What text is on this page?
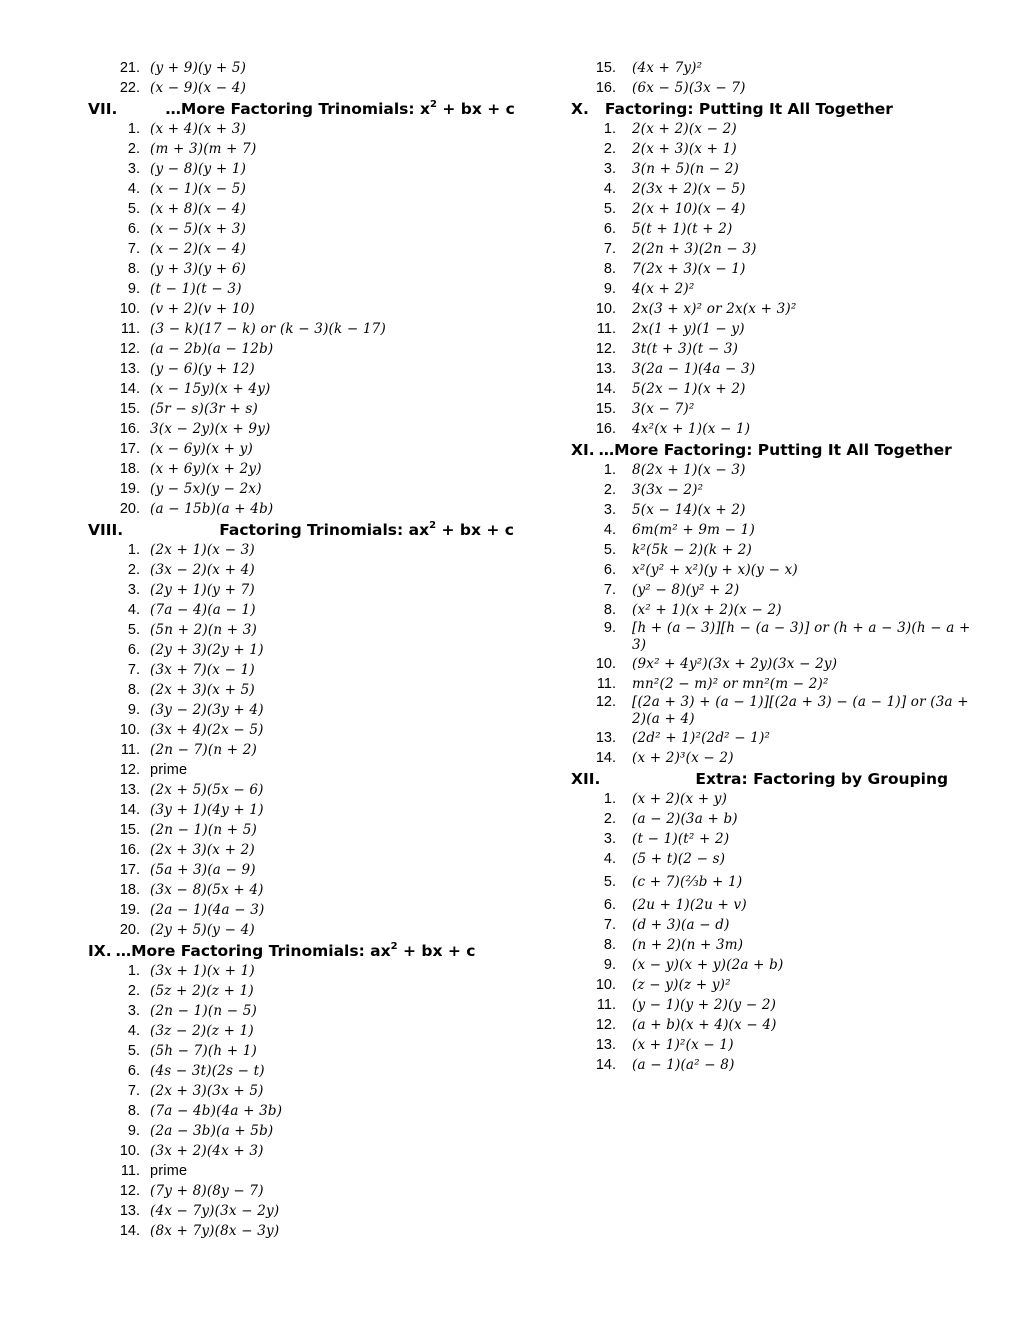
21. (y + 9)(y + 5)
22. (x − 9)(x − 4)
VII.	…More Factoring Trinomials: $x^2$ + bx + c
1. (x + 4)(x + 3)
2. (m + 3)(m + 7)
3. (y − 8)(y + 1)
4. (x − 1)(x − 5)
5. (x + 8)(x − 4)
6. (x − 5)(x + 3)
7. (x − 2)(x − 4)
8. (y + 3)(y + 6)
9. (t − 1)(t − 3)
10. (v + 2)(v + 10)
11. (3 − k)(17 − k) or (k − 3)(k − 17)
12. (a − 2b)(a − 12b)
13. (y − 6)(y + 12)
14. (x − 15y)(x + 4y)
15. (5r − s)(3r + s)
16. 3(x − 2y)(x + 9y)
17. (x − 6y)(x + y)
18. (x + 6y)(x + 2y)
19. (y − 5x)(y − 2x)
20. (a − 15b)(a + 4b)
VIII.	Factoring Trinomials: $ax^2$ + bx + c
1. (2x + 1)(x − 3)
2. (3x − 2)(x + 4)
3. (2y + 1)(y + 7)
4. (7a − 4)(a − 1)
5. (5n + 2)(n + 3)
6. (2y + 3)(2y + 1)
7. (3x + 7)(x − 1)
8. (2x + 3)(x + 5)
9. (3y − 2)(3y + 4)
10. (3x + 4)(2x − 5)
11. (2n − 7)(n + 2)
12. prime
13. (2x + 5)(5x − 6)
14. (3y + 1)(4y + 1)
15. (2n − 1)(n + 5)
16. (2x + 3)(x + 2)
17. (5a + 3)(a − 9)
18. (3x − 8)(5x + 4)
19. (2a − 1)(4a − 3)
20. (2y + 5)(y − 4)
IX. …More Factoring Trinomials: $ax^2$ + bx + c
1. (3x + 1)(x + 1)
2. (5z + 2)(z + 1)
3. (2n − 1)(n − 5)
4. (3z − 2)(z + 1)
5. (5h − 7)(h + 1)
6. (4s − 3t)(2s − t)
7. (2x + 3)(3x + 5)
8. (7a − 4b)(4a + 3b)
9. (2a − 3b)(a + 5b)
10. (3x + 2)(4x + 3)
11. prime
12. (7y + 8)(8y − 7)
13. (4x − 7y)(3x − 2y)
14. (8x + 7y)(8x − 3y)
15. (4x + 7y)²
16. (6x − 5)(3x − 7)
X. Factoring: Putting It All Together
1. 2(x + 2)(x − 2)
2. 2(x + 3)(x + 1)
3. 3(n + 5)(n − 2)
4. 2(3x + 2)(x − 5)
5. 2(x + 10)(x − 4)
6. 5(t + 1)(t + 2)
7. 2(2n + 3)(2n − 3)
8. 7(2x + 3)(x − 1)
9. 4(x + 2)²
10. 2x(3 + x)² or 2x(x + 3)²
11. 2x(1 + y)(1 − y)
12. 3t(t + 3)(t − 3)
13. 3(2a − 1)(4a − 3)
14. 5(2x − 1)(x + 2)
15. 3(x − 7)²
16. 4x²(x + 1)(x − 1)
XI. …More Factoring: Putting It All Together
1. 8(2x + 1)(x − 3)
2. 3(3x − 2)²
3. 5(x − 14)(x + 2)
4. 6m(m² + 9m − 1)
5. k²(5k − 2)(k + 2)
6. x²(y² + x²)(y + x)(y − x)
7. (y² − 8)(y² + 2)
8. (x² + 1)(x + 2)(x − 2)
9. [h + (a − 3)][h − (a − 3)] or (h + a − 3)(h − a + 3)
10. (9x² + 4y²)(3x + 2y)(3x − 2y)
11. mn²(2 − m)² or mn²(m − 2)²
12. [(2a + 3) + (a − 1)][(2a + 3) − (a − 1)] or (3a + 2)(a + 4)
13. (2d² + 1)²(2d² − 1)²
14. (x + 2)³(x − 2)
XII.	Extra: Factoring by Grouping
1. (x + 2)(x + y)
2. (a − 2)(3a + b)
3. (t − 1)(t² + 2)
4. (5 + t)(2 − s)
5. (c + 7)(⅔b + 1)
6. (2u + 1)(2u + v)
7. (d + 3)(a − d)
8. (n + 2)(n + 3m)
9. (x − y)(x + y)(2a + b)
10. (z − y)(z + y)²
11. (y − 1)(y + 2)(y − 2)
12. (a + b)(x + 4)(x − 4)
13. (x + 1)²(x − 1)
14. (a − 1)(a² − 8)
